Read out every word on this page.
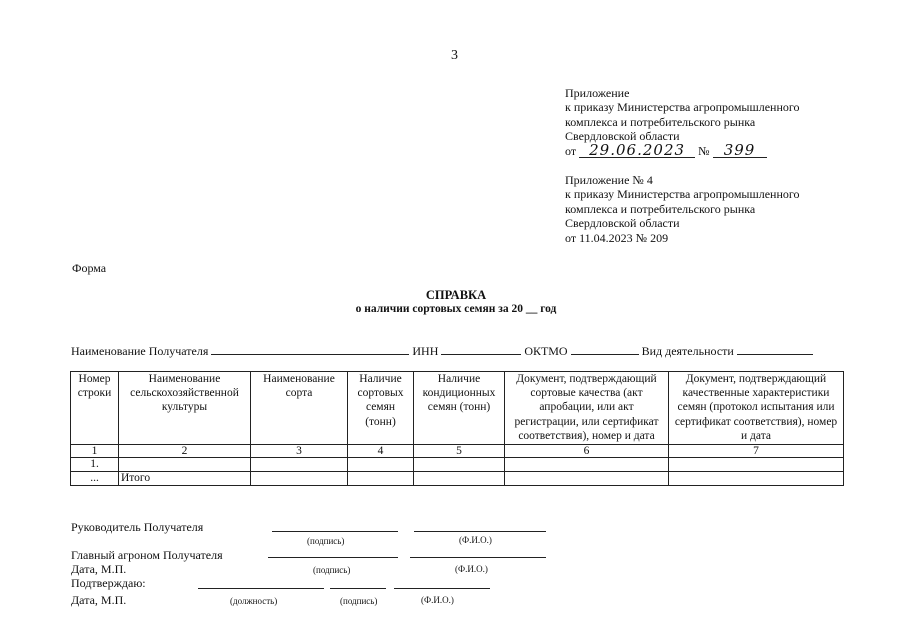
3
Приложение
к приказу Министерства агропромышленного
комплекса и потребительского рынка
Свердловской области
от 29.06.2023 № 399
Приложение № 4
к приказу Министерства агропромышленного
комплекса и потребительского рынка
Свердловской области
от 11.04.2023 № 209
Форма
СПРАВКА
о наличии сортовых семян за 20 __ год
Наименование Получателя	ИНН	ОКТМО	Вид деятельности
Номер строки	Наименование сельскохозяйственной культуры	Наименование сорта	Наличие сортовых семян (тонн)	Наличие кондиционных семян (тонн)	Документ, подтверждающий сортовые качества (акт апробации, или акт регистрации, или сертификат соответствия), номер и дата	Документ, подтверждающий качественные характеристики семян (протокол испытания или сертификат соответствия), номер и дата
1	2	3	4	5	6	7
1.						
...	Итого					
Руководитель Получателя
(подпись)	(Ф.И.О.)
Главный агроном Получателя
Дата, М.П.	(подпись)	(Ф.И.О.)
Подтверждаю:
Дата, М.П.	(должность)	(подпись)	(Ф.И.О.)
